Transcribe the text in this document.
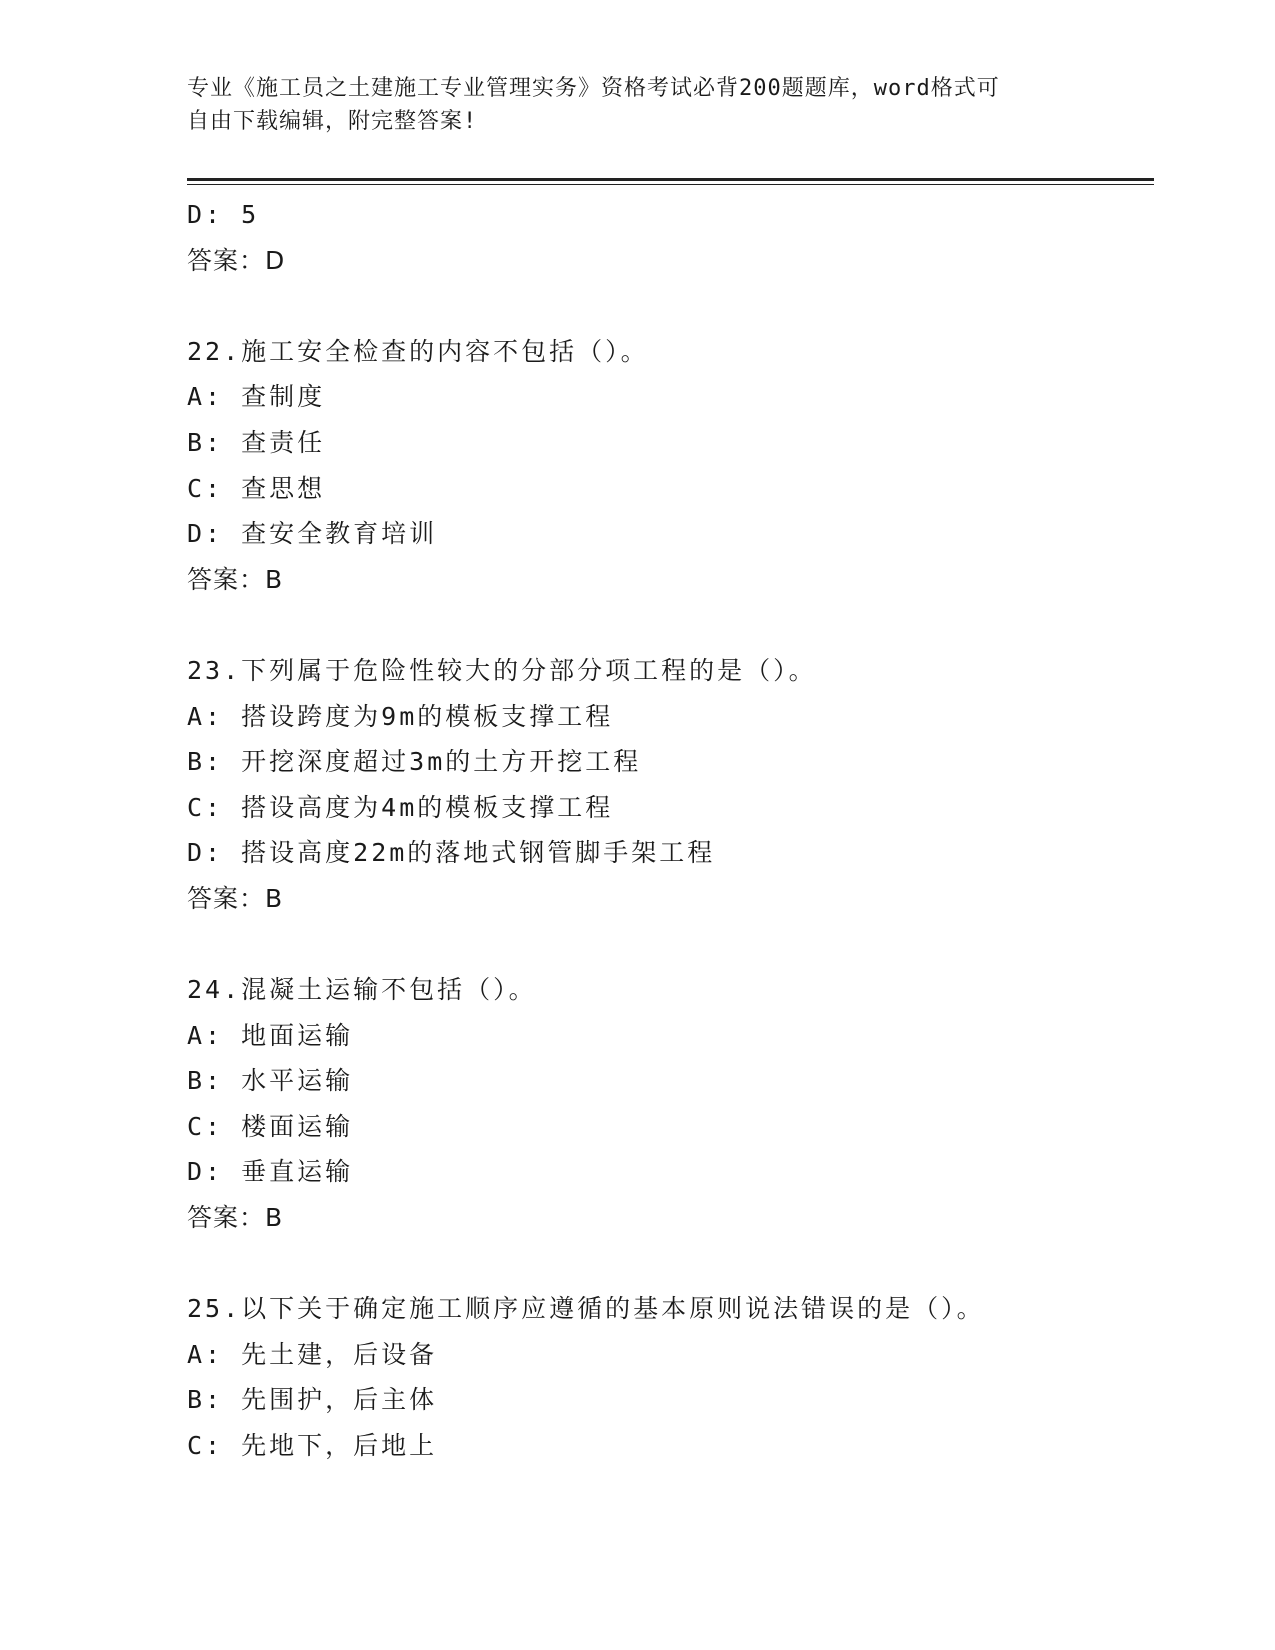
专业《施工员之土建施工专业管理实务》资格考试必背200题题库，word格式可
自由下载编辑，附完整答案!
D: 5
答案：D
22.施工安全检查的内容不包括（）。
A: 查制度
B: 查责任
C: 查思想
D: 查安全教育培训
答案：B
23.下列属于危险性较大的分部分项工程的是（）。
A: 搭设跨度为9m的模板支撑工程
B: 开挖深度超过3m的土方开挖工程
C: 搭设高度为4m的模板支撑工程
D: 搭设高度22m的落地式钢管脚手架工程
答案：B
24.混凝土运输不包括（）。
A: 地面运输
B: 水平运输
C: 楼面运输
D: 垂直运输
答案：B
25.以下关于确定施工顺序应遵循的基本原则说法错误的是（）。
A: 先土建，后设备
B: 先围护，后主体
C: 先地下，后地上
